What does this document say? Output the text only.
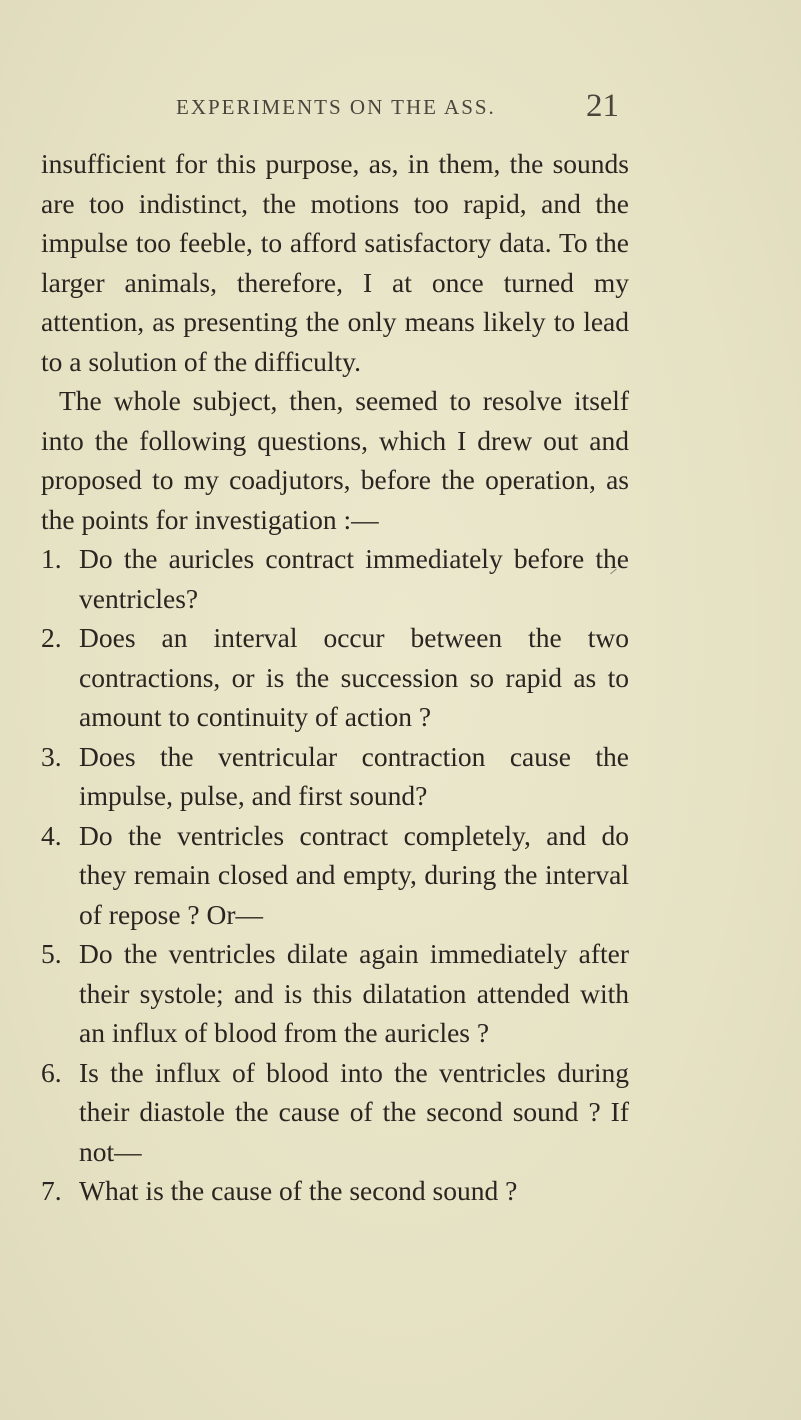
EXPERIMENTS ON THE ASS.	21

insufficient for this purpose, as, in them, the sounds are too indistinct, the motions too rapid, and the impulse too feeble, to afford satisfactory data. To the larger animals, therefore, I at once turned my attention, as presenting the only means likely to lead to a solution of the difficulty.

The whole subject, then, seemed to resolve itself into the following questions, which I drew out and proposed to my coadjutors, before the operation, as the points for investigation :—

1. Do the auricles contract immediately before the ventricles?
2. Does an interval occur between the two contractions, or is the succession so rapid as to amount to continuity of action ?
3. Does the ventricular contraction cause the impulse, pulse, and first sound?
4. Do the ventricles contract completely, and do they remain closed and empty, during the interval of repose ? Or—
5. Do the ventricles dilate again immediately after their systole; and is this dilatation attended with an influx of blood from the auricles ?
6. Is the influx of blood into the ventricles during their diastole the cause of the second sound ? If not—
7. What is the cause of the second sound ?
